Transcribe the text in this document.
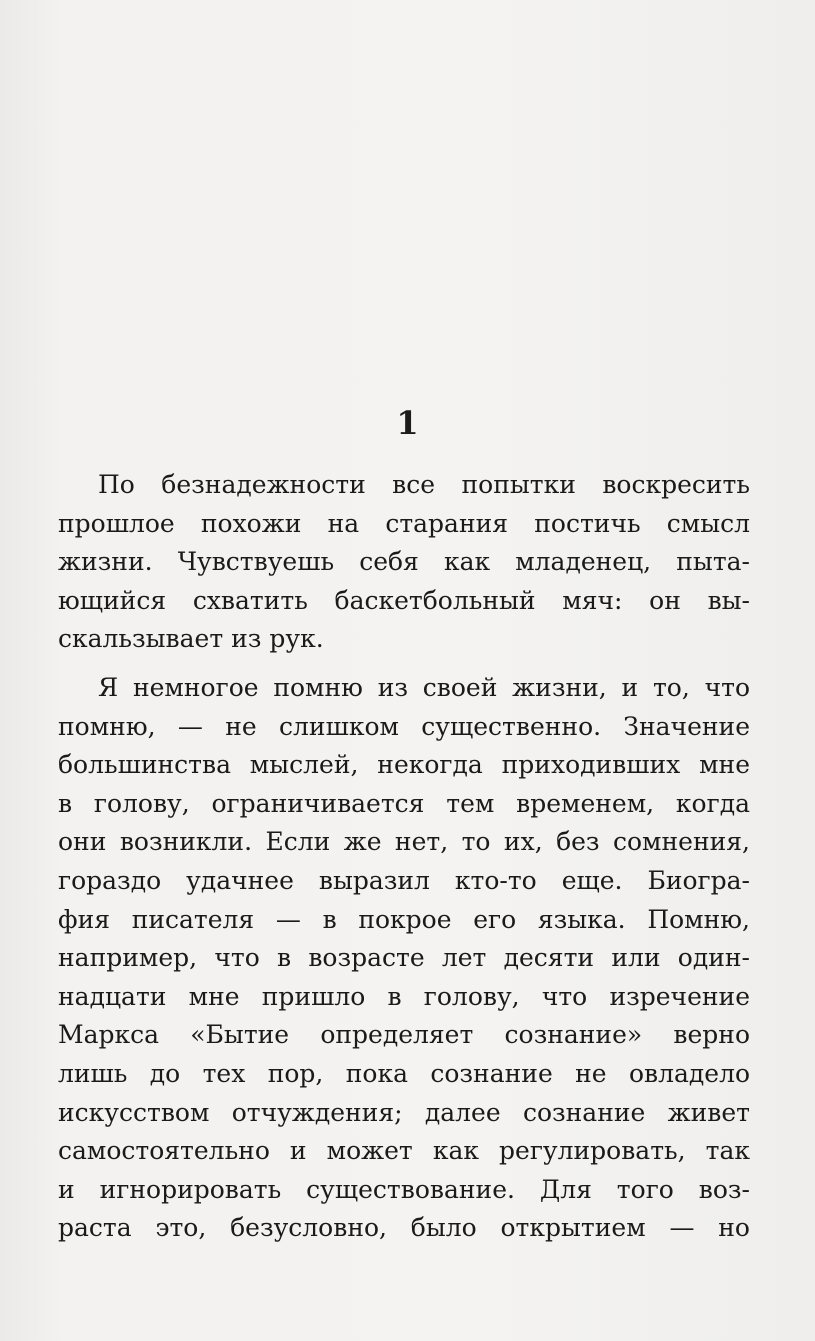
1
По безнадежности все попытки воскресить
прошлое похожи на старания постичь смысл
жизни. Чувствуешь себя как младенец, пыта-
ющийся схватить баскетбольный мяч: он вы-
скальзывает из рук.
Я немногое помню из своей жизни, и то, что
помню, — не слишком существенно. Значение
большинства мыслей, некогда приходивших мне
в голову, ограничивается тем временем, когда
они возникли. Если же нет, то их, без сомнения,
гораздо удачнее выразил кто-то еще. Биогра-
фия писателя — в покрое его языка. Помню,
например, что в возрасте лет десяти или один-
надцати мне пришло в голову, что изречение
Маркса «Бытие определяет сознание» верно
лишь до тех пор, пока сознание не овладело
искусством отчуждения; далее сознание живет
самостоятельно и может как регулировать, так
и игнорировать существование. Для того воз-
раста это, безусловно, было открытием — но
